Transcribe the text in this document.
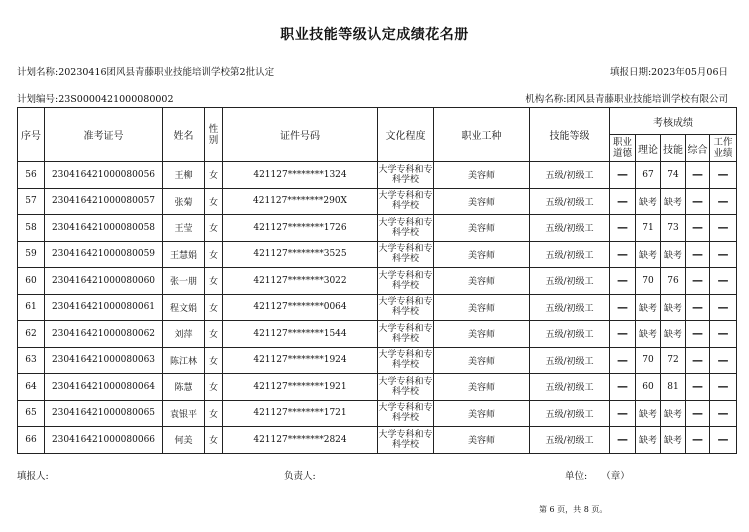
职业技能等级认定成绩花名册
计划名称:20230416团风县青藤职业技能培训学校第2批认定	填报日期:2023年05月06日
计划编号:23S0000421000080002	机构名称:团风县青藤职业技能培训学校有限公司
序号	准考证号	姓名	性别	证件号码	文化程度	职业工种	技能等级	考核成绩				
								职业道德	理论	技能	综合	工作业绩
56	230416421000080056	王柳	女	421127********1324	大学专科和专科学校	美容师	五级/初级工	—	67	74	—	—
57	230416421000080057	张菊	女	421127********290X	大学专科和专科学校	美容师	五级/初级工	—	缺考	缺考	—	—
58	230416421000080058	王莹	女	421127********1726	大学专科和专科学校	美容师	五级/初级工	—	71	73	—	—
59	230416421000080059	王慧娟	女	421127********3525	大学专科和专科学校	美容师	五级/初级工	—	缺考	缺考	—	—
60	230416421000080060	张一朋	女	421127********3022	大学专科和专科学校	美容师	五级/初级工	—	70	76	—	—
61	230416421000080061	程文娟	女	421127********0064	大学专科和专科学校	美容师	五级/初级工	—	缺考	缺考	—	—
62	230416421000080062	刘萍	女	421127********1544	大学专科和专科学校	美容师	五级/初级工	—	缺考	缺考	—	—
63	230416421000080063	陈江林	女	421127********1924	大学专科和专科学校	美容师	五级/初级工	—	70	72	—	—
64	230416421000080064	陈慧	女	421127********1921	大学专科和专科学校	美容师	五级/初级工	—	60	81	—	—
65	230416421000080065	袁银平	女	421127********1721	大学专科和专科学校	美容师	五级/初级工	—	缺考	缺考	—	—
66	230416421000080066	何美	女	421127********2824	大学专科和专科学校	美容师	五级/初级工	—	缺考	缺考	—	—
填报人:	负责人:	单位: （章）
第 6 页，共 8 页。
